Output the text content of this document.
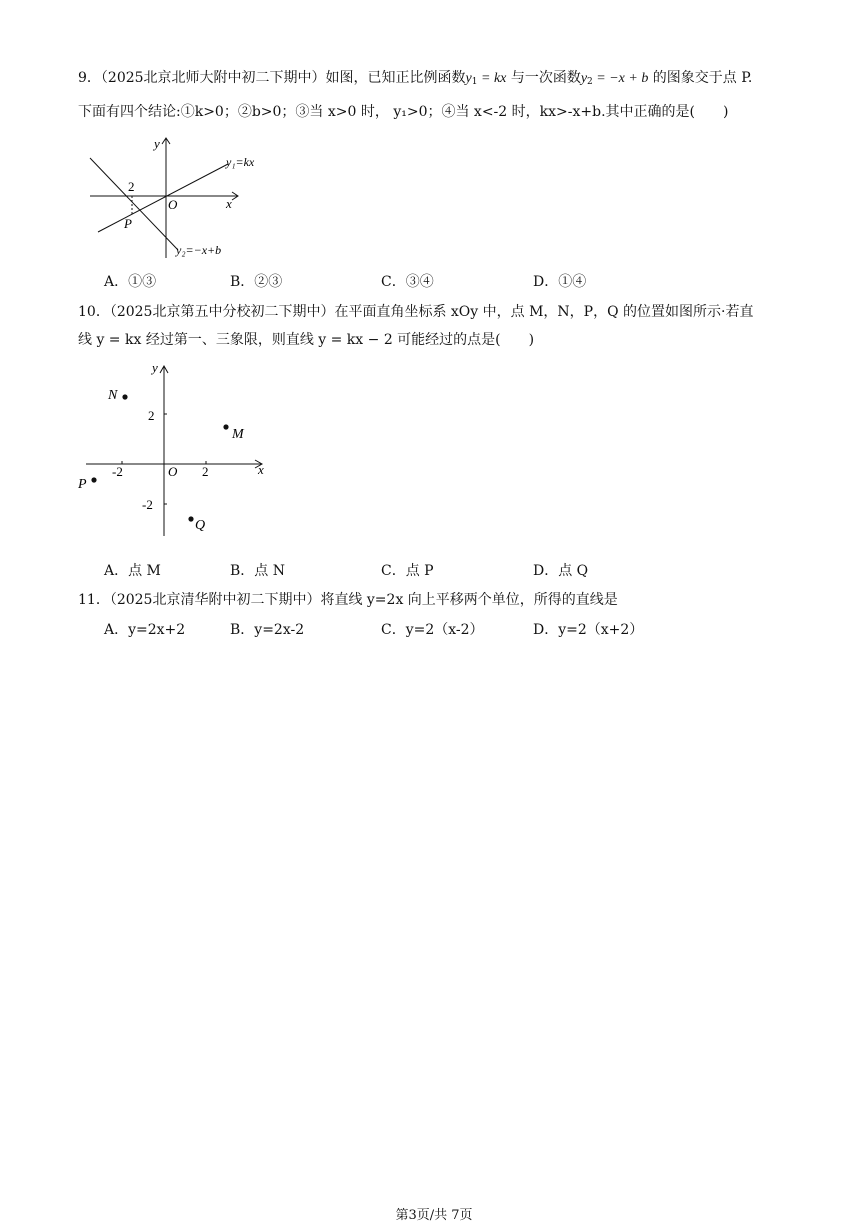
9．（2025北京北师大附中初二下期中）如图，已知正比例函数$y_1$ = kx 与一次函数$y_2 = -x + b$ 的图象交于点 P.
下面有四个结论:①k>0；②b>0；③当 x>0 时， y₁>0；④当 x<-2 时，kx>-x+b.其中正确的是(　　)
y
x
O
2
P
y₁=kx
y₂=−x+b
A．①③	B．②③	C．③④	D．①④
10．（2025北京第五中分校初二下期中）在平面直角坐标系 xOy 中，点 M，N，P，Q 的位置如图所示·若直
线 y = kx 经过第一、三象限，则直线 y = kx − 2 可能经过的点是(　　)
y
x
O
2
-2
-2	2
N
M
P
Q
A．点 M	B．点 N	C．点 P	D．点 Q
11．（2025北京清华附中初二下期中）将直线 y=2x 向上平移两个单位，所得的直线是
A．y=2x+2	B．y=2x-2	C．y=2（x-2）	D．y=2（x+2）
第3页/共 7页
